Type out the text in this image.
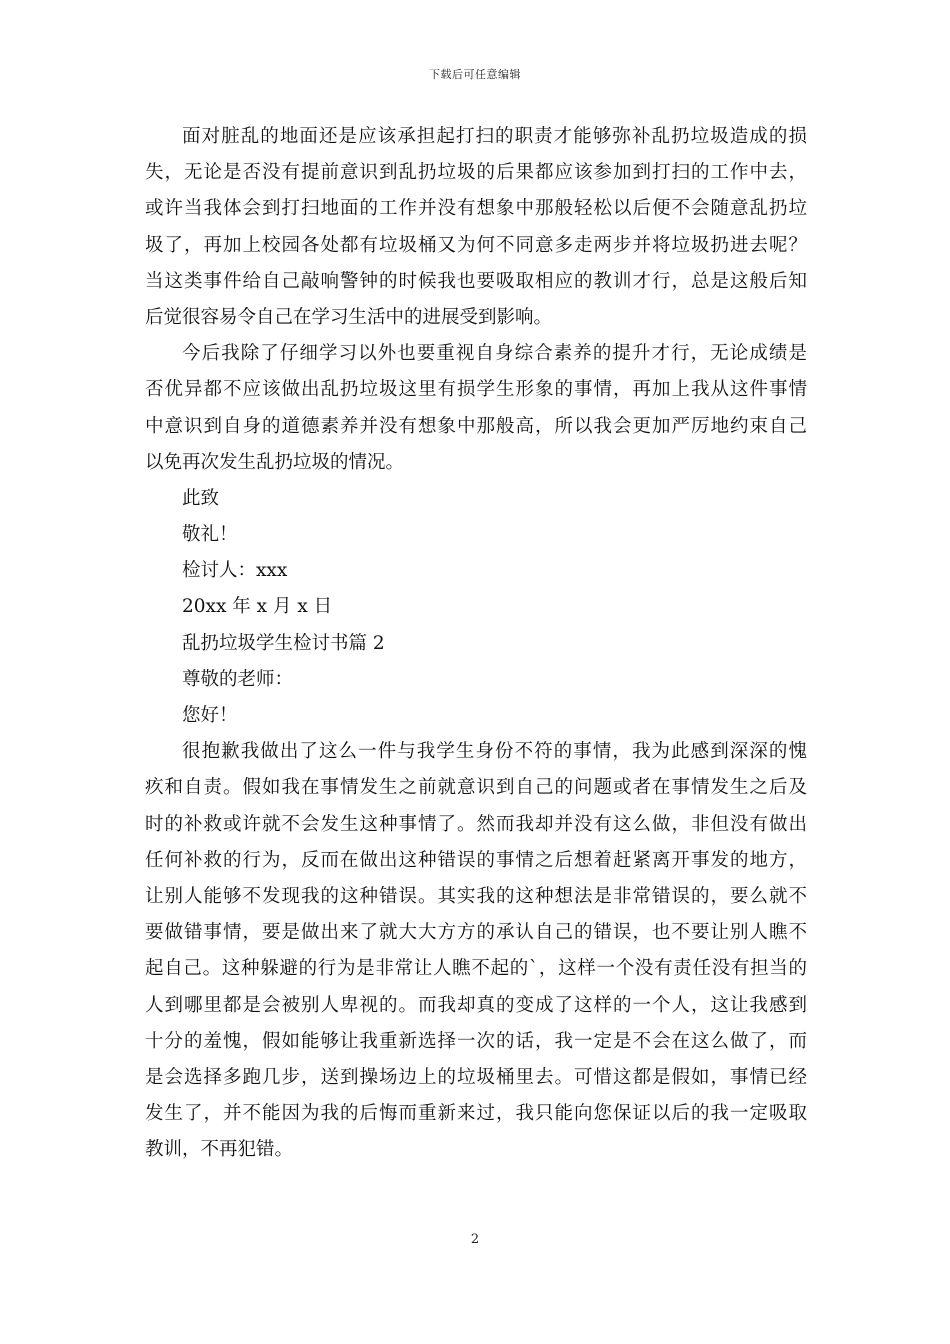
下载后可任意编辑
面对脏乱的地面还是应该承担起打扫的职责才能够弥补乱扔垃圾造成的损
失，无论是否没有提前意识到乱扔垃圾的后果都应该参加到打扫的工作中去，
或许当我体会到打扫地面的工作并没有想象中那般轻松以后便不会随意乱扔垃
圾了，再加上校园各处都有垃圾桶又为何不同意多走两步并将垃圾扔进去呢？
当这类事件给自己敲响警钟的时候我也要吸取相应的教训才行，总是这般后知
后觉很容易令自己在学习生活中的进展受到影响。
今后我除了仔细学习以外也要重视自身综合素养的提升才行，无论成绩是
否优异都不应该做出乱扔垃圾这里有损学生形象的事情，再加上我从这件事情
中意识到自身的道德素养并没有想象中那般高，所以我会更加严厉地约束自己
以免再次发生乱扔垃圾的情况。
此致
敬礼！
检讨人：xxx
20xx 年 x 月 x 日
乱扔垃圾学生检讨书篇 2
尊敬的老师：
您好！
很抱歉我做出了这么一件与我学生身份不符的事情，我为此感到深深的愧
疚和自责。假如我在事情发生之前就意识到自己的问题或者在事情发生之后及
时的补救或许就不会发生这种事情了。然而我却并没有这么做，非但没有做出
任何补救的行为，反而在做出这种错误的事情之后想着赶紧离开事发的地方，
让别人能够不发现我的这种错误。其实我的这种想法是非常错误的，要么就不
要做错事情，要是做出来了就大大方方的承认自己的错误，也不要让别人瞧不
起自己。这种躲避的行为是非常让人瞧不起的`，这样一个没有责任没有担当的
人到哪里都是会被别人卑视的。而我却真的变成了这样的一个人，这让我感到
十分的羞愧，假如能够让我重新选择一次的话，我一定是不会在这么做了，而
是会选择多跑几步，送到操场边上的垃圾桶里去。可惜这都是假如，事情已经
发生了，并不能因为我的后悔而重新来过，我只能向您保证以后的我一定吸取
教训，不再犯错。
2
